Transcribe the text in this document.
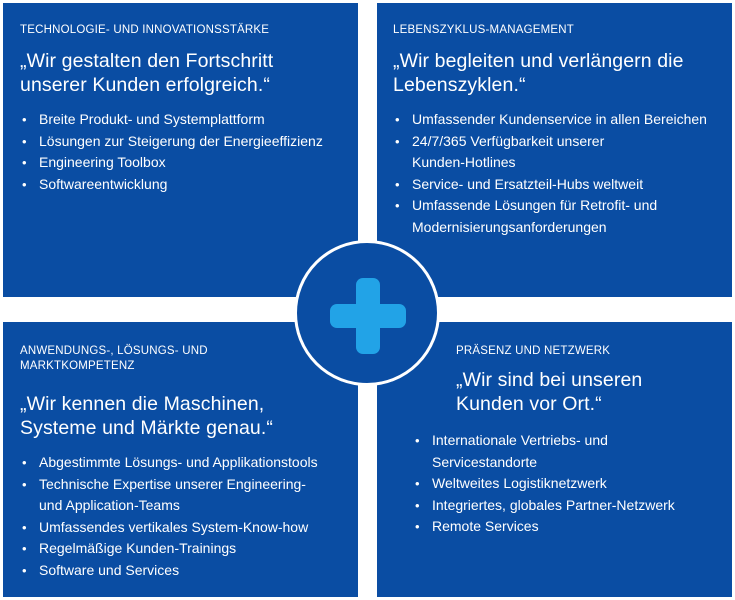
TECHNOLOGIE- UND INNOVATIONSSTÄRKE

„Wir gestalten den Fortschritt
unserer Kunden erfolgreich.“

• Breite Produkt- und Systemplattform
• Lösungen zur Steigerung der Energieeffizienz
• Engineering Toolbox
• Softwareentwicklung

LEBENSZYKLUS-MANAGEMENT

„Wir begleiten und verlängern die
Lebenszyklen.“

• Umfassender Kundenservice in allen Bereichen
• 24/7/365 Verfügbarkeit unserer
Kunden-Hotlines
• Service- und Ersatzteil-Hubs weltweit
• Umfassende Lösungen für Retrofit- und
Modernisierungsanforderungen

ANWENDUNGS-, LÖSUNGS- UND
MARKTKOMPETENZ

„Wir kennen die Maschinen,
Systeme und Märkte genau.“

• Abgestimmte Lösungs- und Applikationstools
• Technische Expertise unserer Engineering-
und Application-Teams
• Umfassendes vertikales System-Know-how
• Regelmäßige Kunden-Trainings
• Software und Services

PRÄSENZ UND NETZWERK

„Wir sind bei unseren
Kunden vor Ort.“

• Internationale Vertriebs- und
Servicestandorte
• Weltweites Logistiknetzwerk
• Integriertes, globales Partner-Netzwerk
• Remote Services
